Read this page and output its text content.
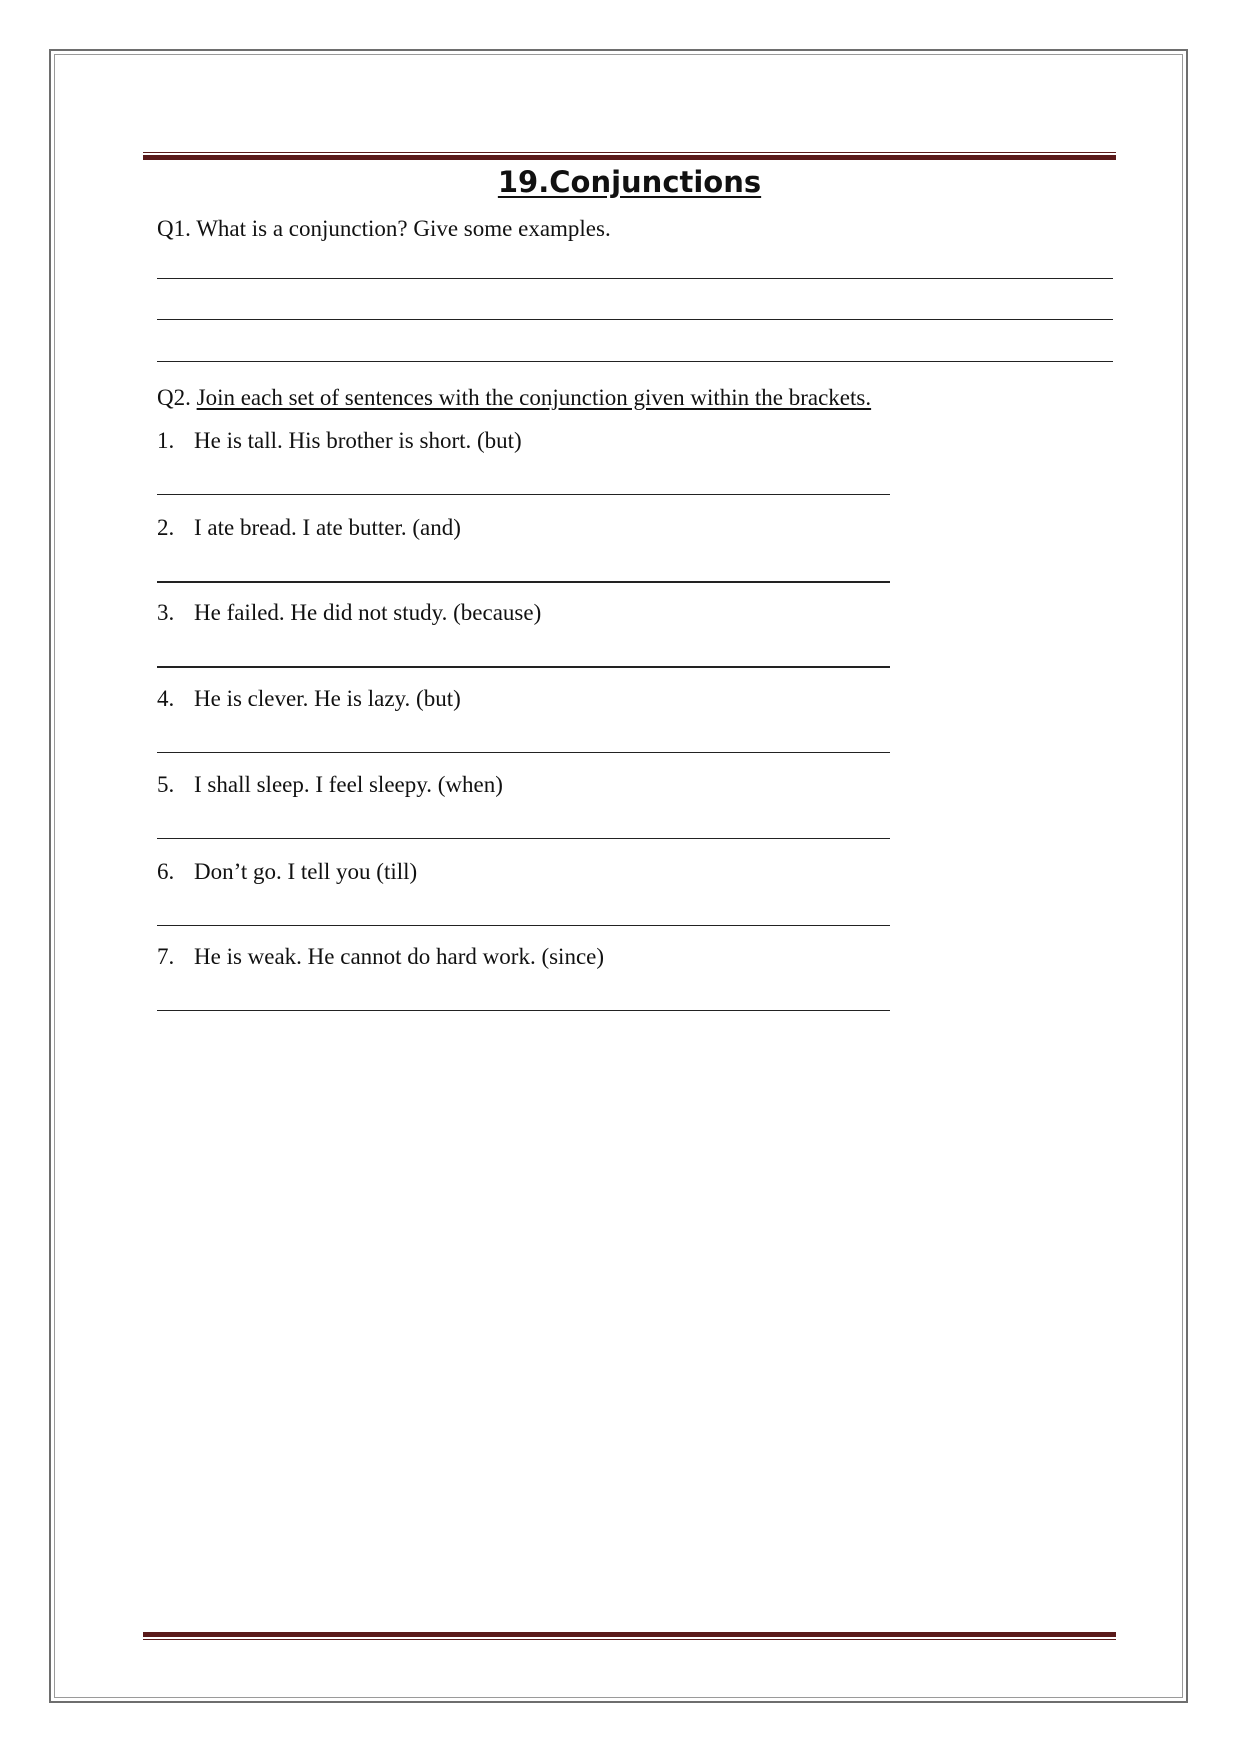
19.Conjunctions

Q1. What is a conjunction? Give some examples.

Q2. Join each set of sentences with the conjunction given within the brackets.

1. He is tall. His brother is short. (but)
2. I ate bread. I ate butter. (and)
3. He failed. He did not study. (because)
4. He is clever. He is lazy. (but)
5. I shall sleep. I feel sleepy. (when)
6. Don’t go. I tell you (till)
7. He is weak. He cannot do hard work. (since)
